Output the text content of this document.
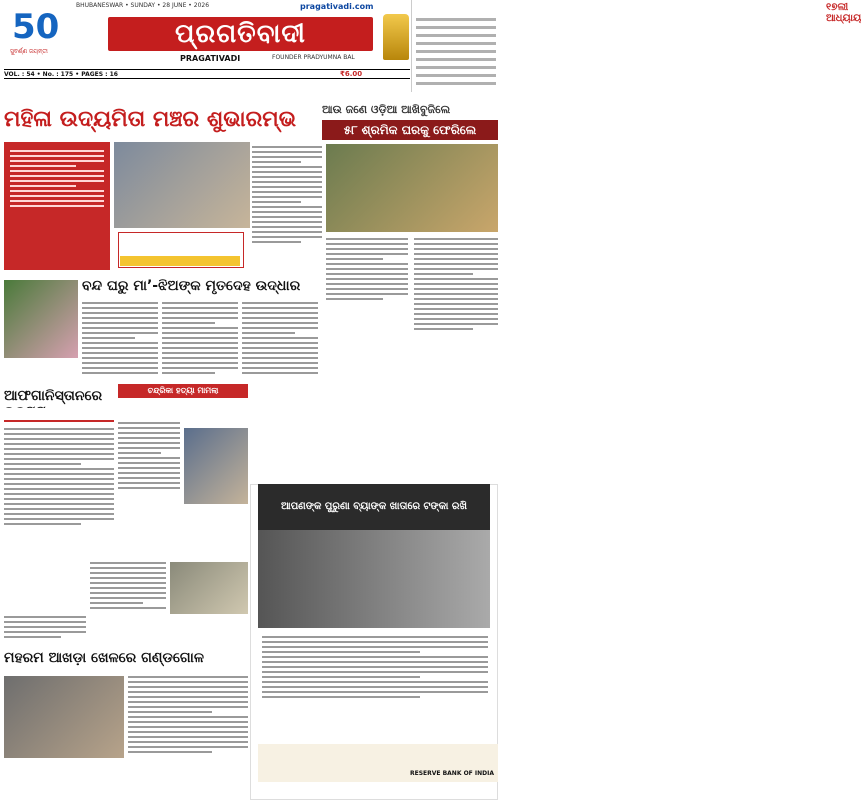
50
ସୁବର୍ଣ୍ଣ ଜୟନ୍ତୀ
BHUBANESWAR • SUNDAY • 28 JUNE • 2026	pragativadi.com
ପ୍ରଗତିବାଦୀ
PRAGATIVADI	FOUNDER PRADYUMNA BAL
୧୭ଲୀ ଆଧ୍ୟାୟ
VOL. : 54 • No. : 175 • PAGES : 16	₹6.00
ମହିଳା ଉଦ୍ୟମିତା ମଞ୍ଚର ଶୁଭାରମ୍ଭ	ଆଉ ଜଣେ ଓଡ଼ିଆ ଆଖିବୁଜିଲେ
୫୮ ଶ୍ରମିକ ଘରକୁ ଫେରିଲେ
ବନ୍ଦ ଘରୁ ମା’-ଝିଅଙ୍କ ମୃତଦେହ ଉଦ୍ଧାର
ଆଫଗାନିସ୍ତାନରେ	ଚନ୍ଦ୍ରିକା ହତ୍ୟା ମାମଲା
ମହରମ ଆଖଡ଼ା ଖେଳରେ ଗଣ୍ଡଗୋଳ
ଆପଣଙ୍କ ପୁରୁଣା ବ୍ୟାଙ୍କ ଖାତାରେ ଟଙ୍କା ରଖି
RESERVE BANK OF INDIA
